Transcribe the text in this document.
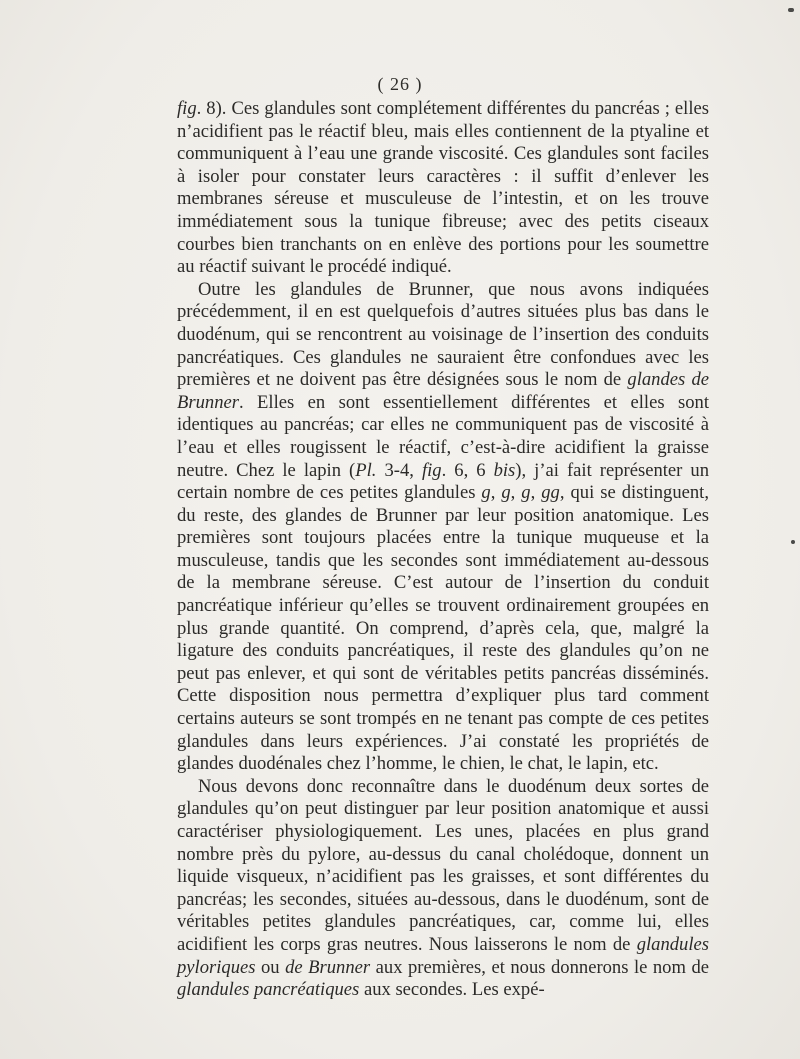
( 26 )

fig. 8). Ces glandules sont complétement différentes du pancréas ; elles n’acidifient pas le réactif bleu, mais elles contiennent de la ptyaline et communiquent à l’eau une grande viscosité. Ces glandules sont faciles à isoler pour constater leurs caractères : il suffit d’enlever les membranes séreuse et musculeuse de l’intestin, et on les trouve immédiatement sous la tunique fibreuse; avec des petits ciseaux courbes bien tranchants on en enlève des portions pour les soumettre au réactif suivant le procédé indiqué.

Outre les glandules de Brunner, que nous avons indiquées précédemment, il en est quelquefois d’autres situées plus bas dans le duodénum, qui se rencontrent au voisinage de l’insertion des conduits pancréatiques. Ces glandules ne sauraient être confondues avec les premières et ne doivent pas être désignées sous le nom de glandes de Brunner. Elles en sont essentiellement différentes et elles sont identiques au pancréas; car elles ne communiquent pas de viscosité à l’eau et elles rougissent le réactif, c’est-à-dire acidifient la graisse neutre. Chez le lapin (Pl. 3-4, fig. 6, 6 bis), j’ai fait représenter un certain nombre de ces petites glandules g, g, g, gg, qui se distinguent, du reste, des glandes de Brunner par leur position anatomique. Les premières sont toujours placées entre la tunique muqueuse et la musculeuse, tandis que les secondes sont immédiatement au-dessous de la membrane séreuse. C’est autour de l’insertion du conduit pancréatique inférieur qu’elles se trouvent ordinairement groupées en plus grande quantité. On comprend, d’après cela, que, malgré la ligature des conduits pancréatiques, il reste des glandules qu’on ne peut pas enlever, et qui sont de véritables petits pancréas disséminés. Cette disposition nous permettra d’expliquer plus tard comment certains auteurs se sont trompés en ne tenant pas compte de ces petites glandules dans leurs expériences. J’ai constaté les propriétés de glandes duodénales chez l’homme, le chien, le chat, le lapin, etc.

Nous devons donc reconnaître dans le duodénum deux sortes de glandules qu’on peut distinguer par leur position anatomique et aussi caractériser physiologiquement. Les unes, placées en plus grand nombre près du pylore, au-dessus du canal cholédoque, donnent un liquide visqueux, n’acidifient pas les graisses, et sont différentes du pancréas; les secondes, situées au-dessous, dans le duodénum, sont de véritables petites glandules pancréatiques, car, comme lui, elles acidifient les corps gras neutres. Nous laisserons le nom de glandules pyloriques ou de Brunner aux premières, et nous donnerons le nom de glandules pancréatiques aux secondes. Les expé-
